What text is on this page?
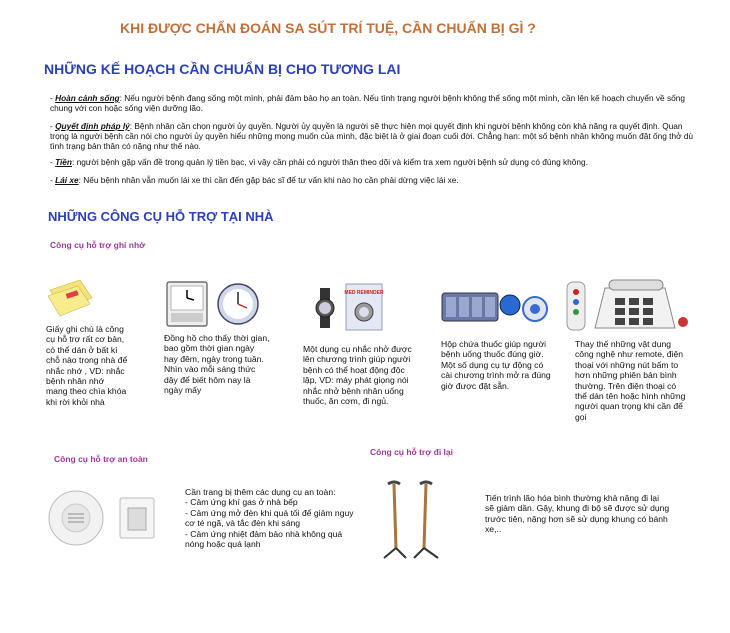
KHI ĐƯỢC CHẨN ĐOÁN SA SÚT TRÍ TUỆ, CẦN CHUẨN BỊ GÌ ?
NHỮNG KẾ HOẠCH CẦN CHUẨN BỊ CHO TƯƠNG LAI
- Hoàn cảnh sống: Nếu người bệnh đang sống một mình, phải đảm bảo họ an toàn. Nếu tình trạng người bệnh không thể sống một mình, cần lên kế hoạch chuyển về sống chung với con hoặc sống viện dưỡng lão.
- Quyết định pháp lý: Bệnh nhân cần chọn người ủy quyền. Người ủy quyền là người sẽ thực hiện mọi quyết định khi người bệnh không còn khả năng ra quyết định. Quan trọng là người bệnh cần nói cho người ủy quyền hiểu những mong muốn của mình, đặc biệt là ở giai đoạn cuối đời. Chẳng hạn: một số bệnh nhân không muốn đặt ống thở dù tình trạng bản thân có nặng như thế nào.
- Tiền: người bệnh gặp vấn đề trong quản lý tiền bạc, vì vậy cần phải có người thân theo dõi và kiểm tra xem người bệnh sử dụng có đúng không.
- Lái xe: Nếu bệnh nhân vẫn muốn lái xe thì cần đến gặp bác sĩ để tư vấn khi nào họ cần phải dừng việc lái xe.
NHỮNG CÔNG CỤ HỖ TRỢ TẠI NHÀ
Công cụ hỗ trợ ghi nhớ
MED REMINDER
Giấy ghi chú là công cụ hỗ trợ rất cơ bản, có thể dán ở bất kì chỗ nào trong nhà để nhắc nhớ , VD: nhắc bệnh nhân nhớ mang theo chìa khóa khi rời khỏi nhà
Đồng hồ cho thấy thời gian, bao gồm thời gian ngày hay đêm, ngày trong tuần. Nhìn vào mỗi sáng thức dậy để biết hôm nay là ngày mấy
Một dụng cụ nhắc nhở được lên chương trình giúp người bệnh có thể hoạt động độc lập, VD: máy phát giọng nói nhắc nhở bệnh nhân uống thuốc, ăn cơm, đi ngủ.
Hộp chứa thuốc giúp người bệnh uống thuốc đúng giờ. Một số dụng cụ tự động có cài chương trình mở ra đúng giờ được đặt sẵn.
Thay thế những vật dụng công nghệ như remote, điện thoại với những nút bấm to hơn những phiên bản bình thường. Trên điện thoại có thể dán tên hoặc hình những người quan trọng khi cần để gọi
Công cụ hỗ trợ an toàn
Công cụ hỗ trợ đi lại
Cần trang bị thêm các dụng cụ an toàn:
- Cảm ứng khí gas ở nhà bếp
- Cảm ứng mở đèn khi quá tối để giảm nguy cơ té ngã, và tắc đèn khi sáng
- Cảm ứng nhiệt đảm bảo nhà không quá nóng hoặc quá lạnh
Tiến trình lão hóa bình thường khả năng đi lại sẽ giảm dần. Gậy, khung đi bộ sẽ được sử dụng trước tiên, nặng hơn sẽ sử dụng khung có bánh xe,..
